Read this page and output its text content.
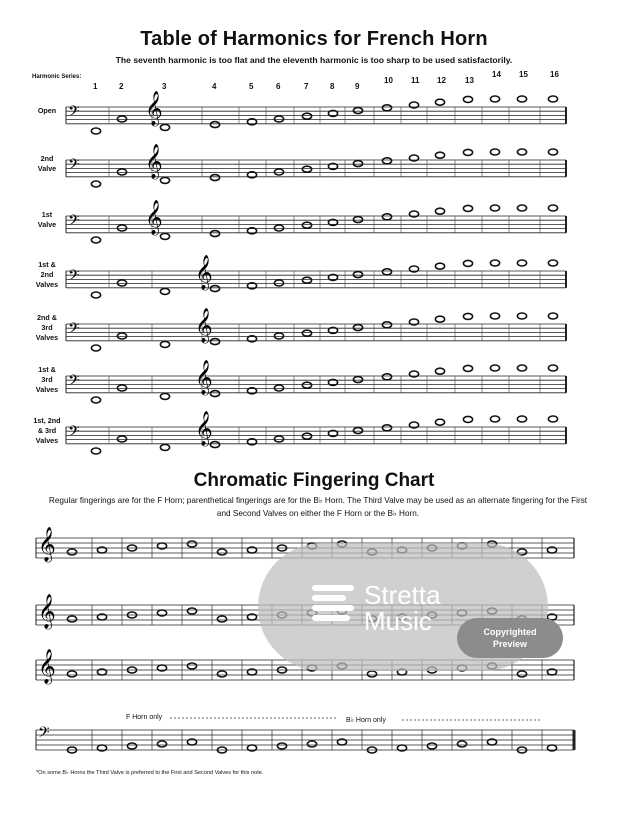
Table of Harmonics for French Horn
The seventh harmonic is too flat and the eleventh harmonic is too sharp to be used satisfactorily.
Harmonic Series:
1	2	3	4	5	6	7	8	9
10 11 12 13
14 15	16
Open
2nd
Valve
1st
Valve
1st &
2nd
Valves
2nd &
3rd
Valves
1st &
3rd
Valves
1st, 2nd
& 3rd
Valves
𝄢 𝄞
𝄢 𝄞
𝄢 𝄞
𝄢	𝄞
𝄢	𝄞
𝄢	𝄞
𝄢	𝄞
𝄞
𝄞
𝄞
𝄢
Chromatic Fingering Chart
Regular fingerings are for the F Horn; parenthetical fingerings are for the B♭ Horn. The Third Valve may be used as an alternate fingering for the First and Second Valves on either the F Horn or the B♭ Horn.
F Horn only	B♭ Horn only
*On some B♭ Horns the Third Valve is preferred to the First and Second Valves for this note.
Stretta
Music	Copyrighted
Preview
